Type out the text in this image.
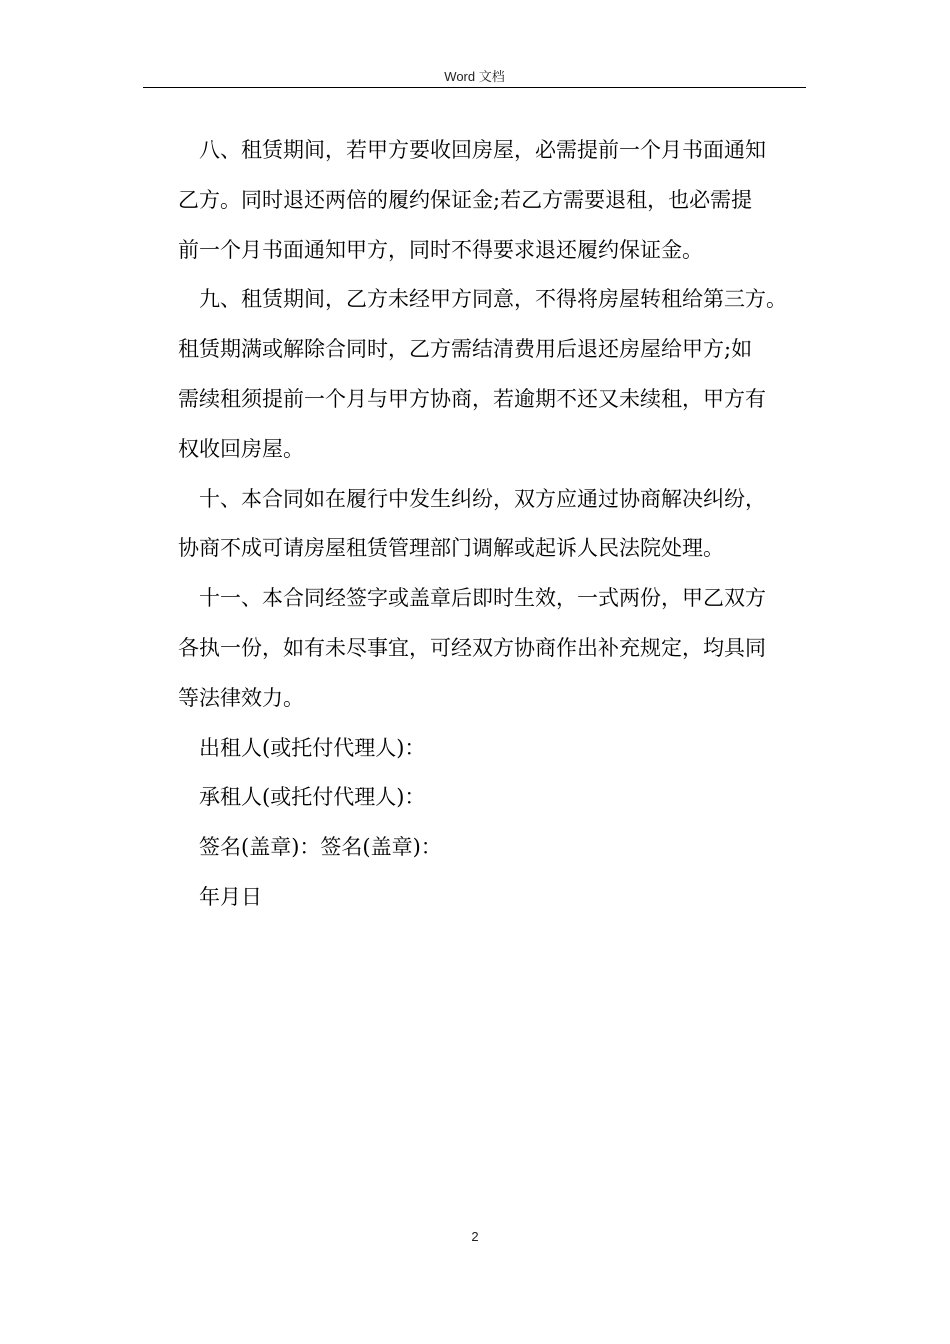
Word 文档
八、租赁期间，若甲方要收回房屋，必需提前一个月书面通知
乙方。同时退还两倍的履约保证金;若乙方需要退租，也必需提
前一个月书面通知甲方，同时不得要求退还履约保证金。
九、租赁期间，乙方未经甲方同意，不得将房屋转租给第三方。
租赁期满或解除合同时，乙方需结清费用后退还房屋给甲方;如
需续租须提前一个月与甲方协商，若逾期不还又未续租，甲方有
权收回房屋。
十、本合同如在履行中发生纠纷，双方应通过协商解决纠纷，
协商不成可请房屋租赁管理部门调解或起诉人民法院处理。
十一、本合同经签字或盖章后即时生效，一式两份，甲乙双方
各执一份，如有未尽事宜，可经双方协商作出补充规定，均具同
等法律效力。
出租人(或托付代理人)：
承租人(或托付代理人)：
签名(盖章)：签名(盖章)：
年月日
2
